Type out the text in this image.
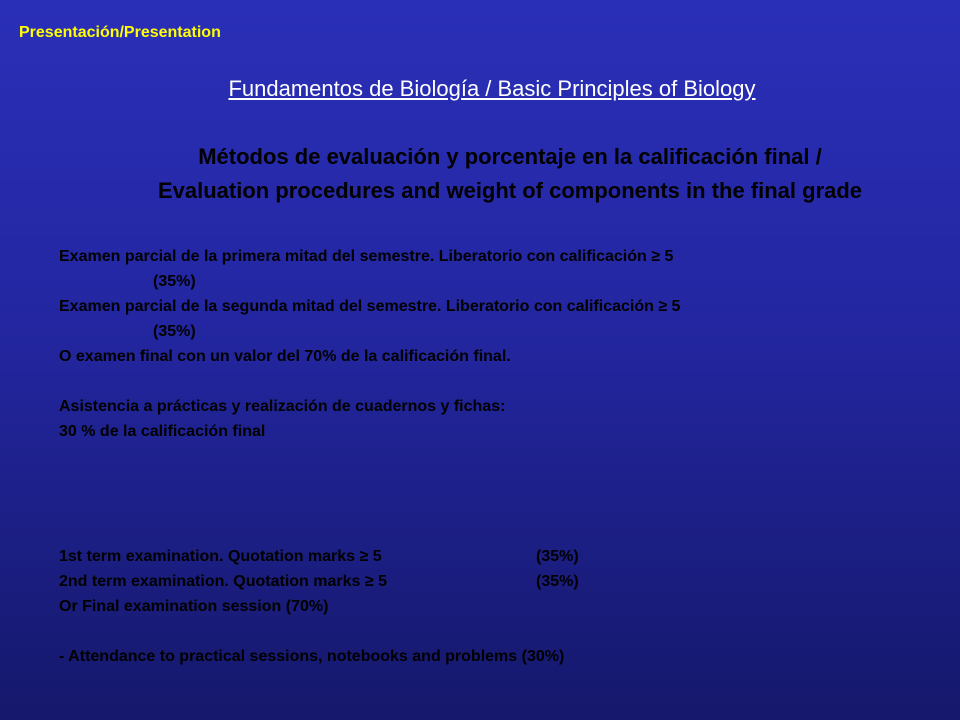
Presentación/Presentation
Fundamentos de Biología / Basic Principles of Biology
Métodos de evaluación y porcentaje en la calificación final /
Evaluation procedures and weight of components in the final grade
Examen parcial de la primera mitad del semestre. Liberatorio con calificación ≥ 5
(35%)
Examen parcial de la segunda mitad del semestre. Liberatorio con calificación ≥ 5
(35%)
O examen final con un valor del 70% de la calificación final.
Asistencia a prácticas y realización de cuadernos y fichas:
30 % de la calificación final
1st term examination. Quotation marks ≥ 5	(35%)
2nd term examination. Quotation marks ≥ 5	(35%)
Or Final examination session (70%)
- Attendance to practical sessions, notebooks and problems (30%)
